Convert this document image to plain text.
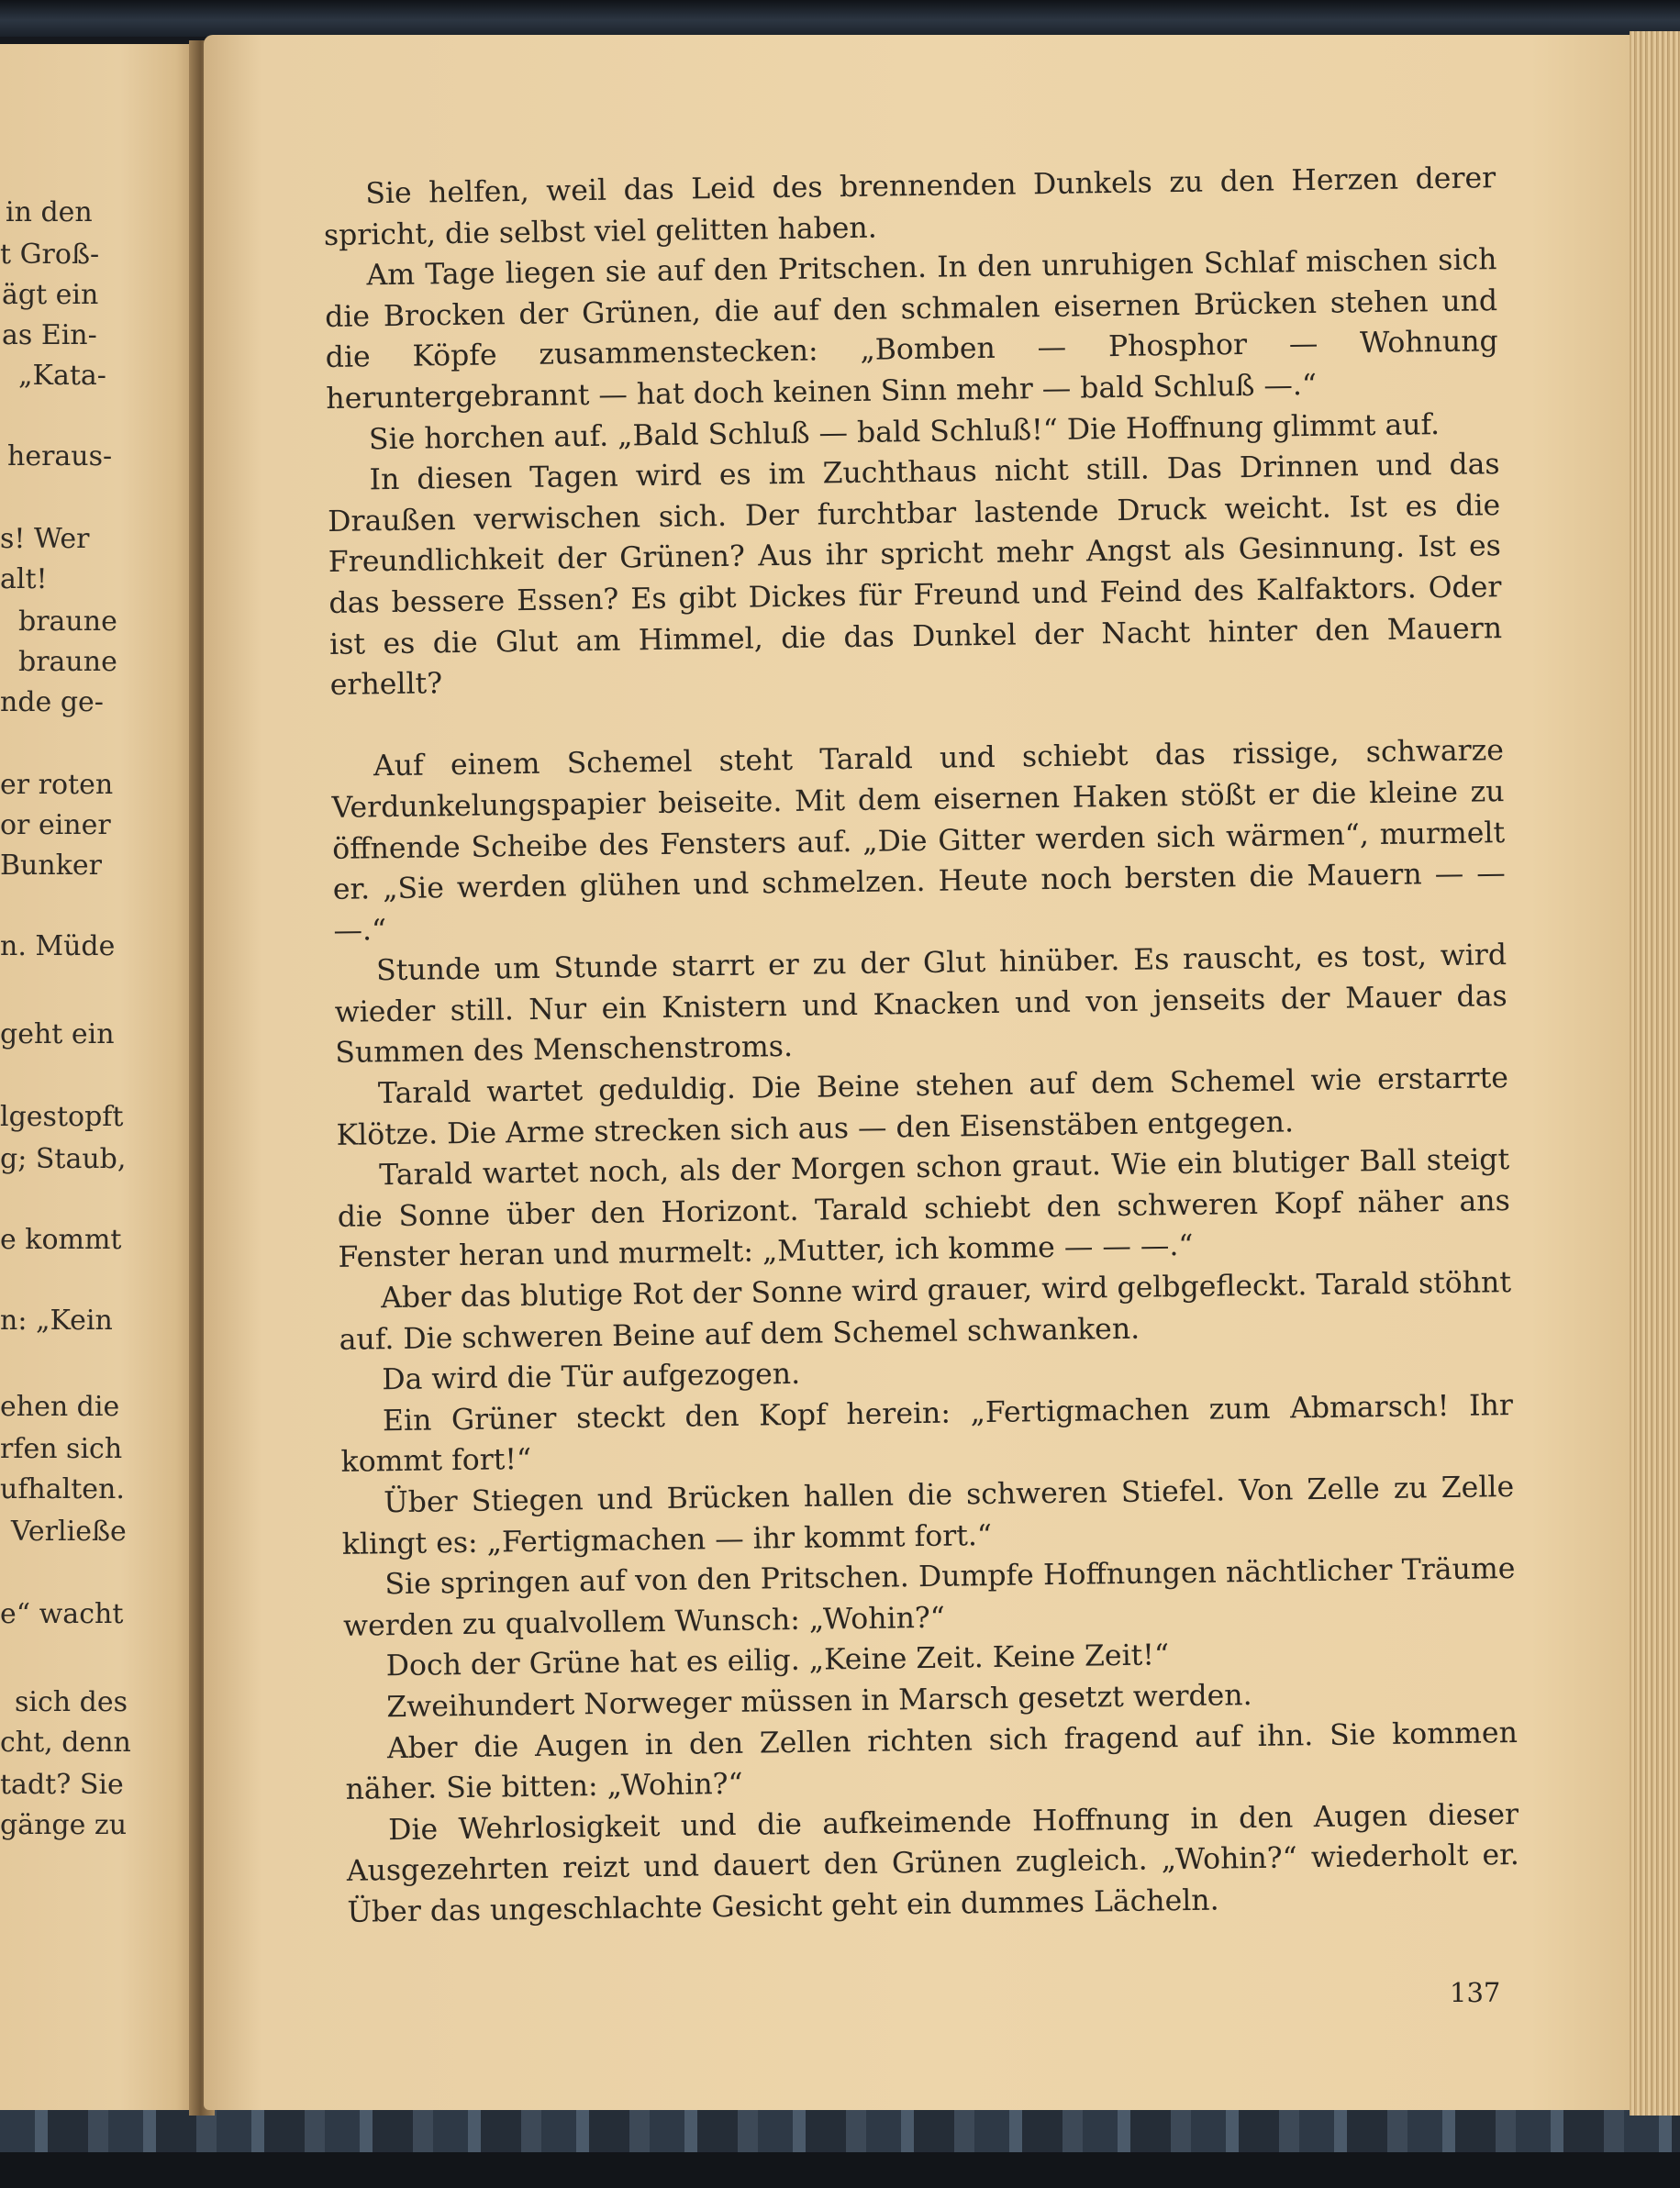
in den
t Groß-
ägt ein
as Ein-
„Kata-
heraus-
s! Wer
alt!
braune
braune
nde ge-
er roten
or einer
Bunker
n. Müde
geht ein
lgestopft
g; Staub,
e kommt
n: „Kein
ehen die
rfen sich
ufhalten.
Verließe
e“ wacht
sich des
cht, denn
tadt? Sie
gänge zu

Sie helfen, weil das Leid des brennenden Dunkels zu den Herzen derer spricht, die selbst viel gelitten haben.

Am Tage liegen sie auf den Pritschen. In den unruhigen Schlaf mischen sich die Brocken der Grünen, die auf den schmalen eisernen Brücken stehen und die Köpfe zusammenstecken: „Bomben — Phosphor — Wohnung heruntergebrannt — hat doch keinen Sinn mehr — bald Schluß —.“

Sie horchen auf. „Bald Schluß — bald Schluß!“ Die Hoffnung glimmt auf.

In diesen Tagen wird es im Zuchthaus nicht still. Das Drinnen und das Draußen verwischen sich. Der furchtbar lastende Druck weicht. Ist es die Freundlichkeit der Grünen? Aus ihr spricht mehr Angst als Gesinnung. Ist es das bessere Essen? Es gibt Dickes für Freund und Feind des Kalfaktors. Oder ist es die Glut am Himmel, die das Dunkel der Nacht hinter den Mauern erhellt?

Auf einem Schemel steht Tarald und schiebt das rissige, schwarze Verdunkelungspapier beiseite. Mit dem eisernen Haken stößt er die kleine zu öffnende Scheibe des Fensters auf. „Die Gitter werden sich wärmen“, murmelt er. „Sie werden glühen und schmelzen. Heute noch bersten die Mauern — — —.“

Stunde um Stunde starrt er zu der Glut hinüber. Es rauscht, es tost, wird wieder still. Nur ein Knistern und Knacken und von jenseits der Mauer das Summen des Menschenstroms.

Tarald wartet geduldig. Die Beine stehen auf dem Schemel wie erstarrte Klötze. Die Arme strecken sich aus — den Eisenstäben entgegen.

Tarald wartet noch, als der Morgen schon graut. Wie ein blutiger Ball steigt die Sonne über den Horizont. Tarald schiebt den schweren Kopf näher ans Fenster heran und murmelt: „Mutter, ich komme — — —.“

Aber das blutige Rot der Sonne wird grauer, wird gelbgefleckt. Tarald stöhnt auf. Die schweren Beine auf dem Schemel schwanken.

Da wird die Tür aufgezogen.

Ein Grüner steckt den Kopf herein: „Fertigmachen zum Abmarsch! Ihr kommt fort!“

Über Stiegen und Brücken hallen die schweren Stiefel. Von Zelle zu Zelle klingt es: „Fertigmachen — ihr kommt fort.“

Sie springen auf von den Pritschen. Dumpfe Hoffnungen nächtlicher Träume werden zu qualvollem Wunsch: „Wohin?“

Doch der Grüne hat es eilig. „Keine Zeit. Keine Zeit!“

Zweihundert Norweger müssen in Marsch gesetzt werden.

Aber die Augen in den Zellen richten sich fragend auf ihn. Sie kommen näher. Sie bitten: „Wohin?“

Die Wehrlosigkeit und die aufkeimende Hoffnung in den Augen dieser Ausgezehrten reizt und dauert den Grünen zugleich. „Wohin?“ wiederholt er. Über das ungeschlachte Gesicht geht ein dummes Lächeln.

137
